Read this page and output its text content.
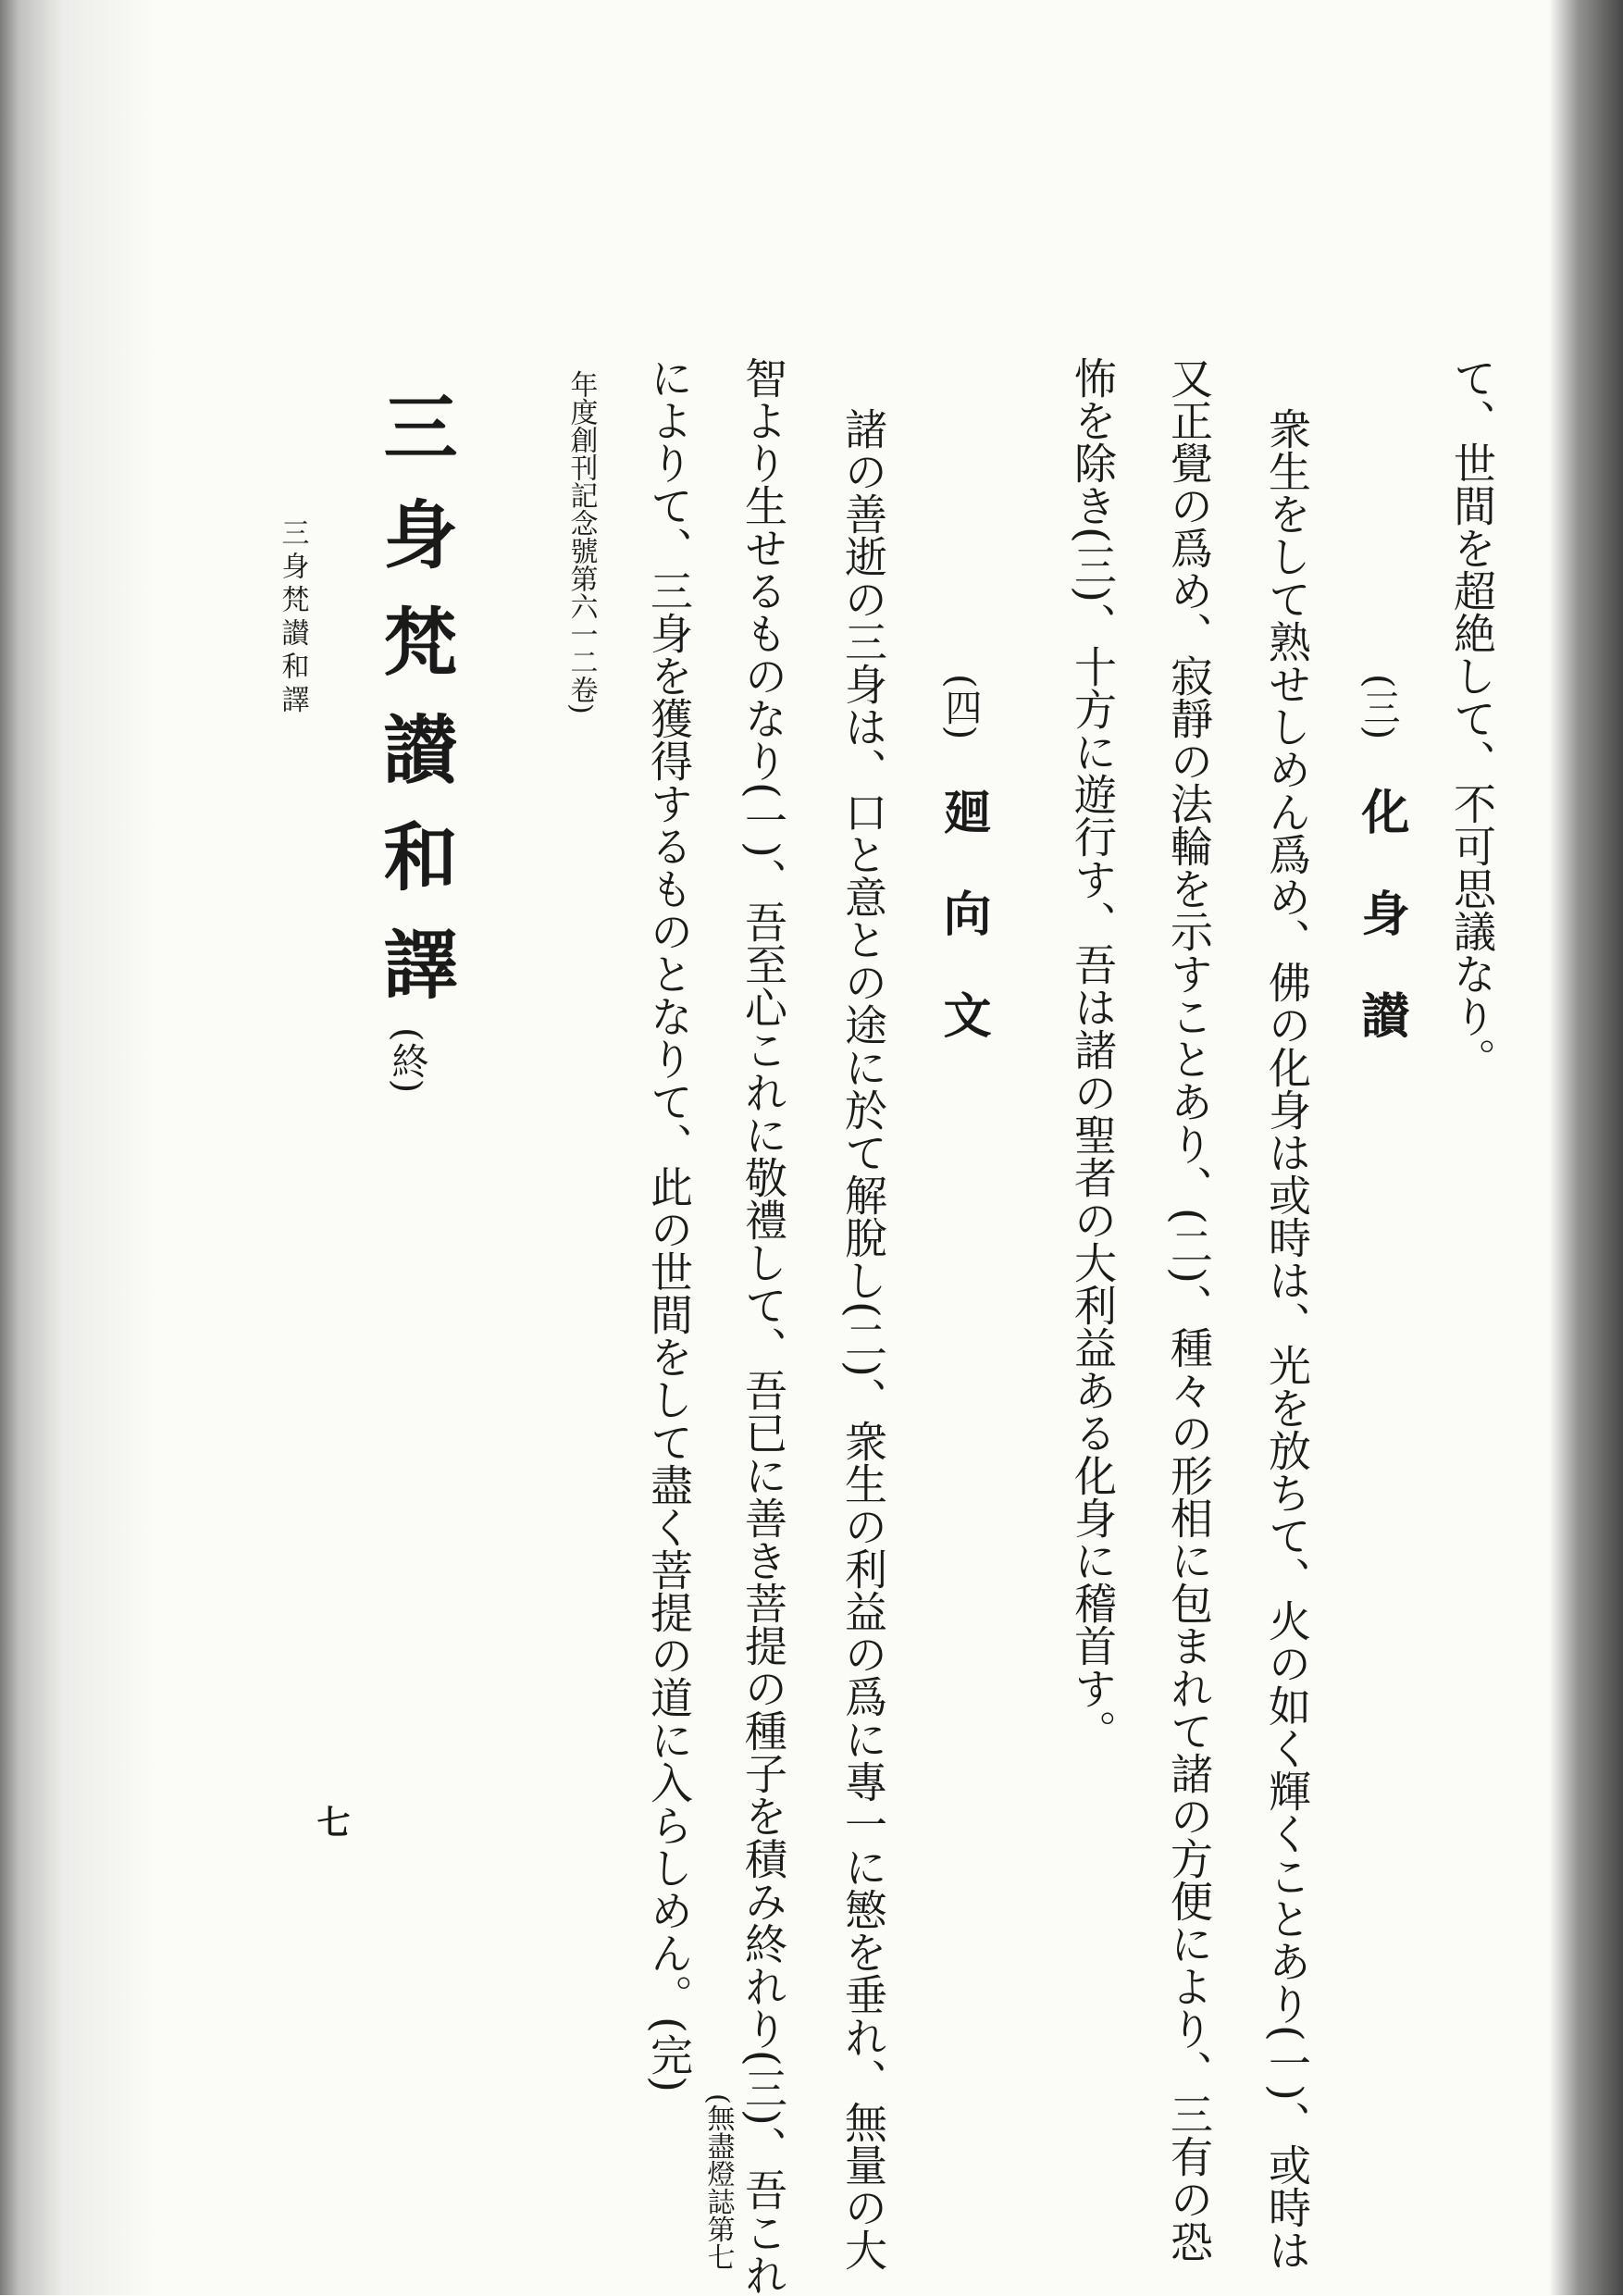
て、世間を超絶して、不可思議なり。
(三)
化身讃
衆生をして熟せしめん爲め、佛の化身は或時は、光を放ちて、火の如く輝くことあり(一)、或時は
又正覺の爲め、寂靜の法輪を示すことあり、(二)、種々の形相に包まれて諸の方便により、三有の恐
怖を除き(三)、十方に遊行す、吾は諸の聖者の大利益ある化身に稽首す。
(四)
廻向文
諸の善逝の三身は、口と意との途に於て解脫し(二)、衆生の利益の爲に專一に慜を垂れ、無量の大
智より生せるものなり(一)、吾至心これに敬禮して、吾已に善き菩提の種子を積み終れり(三)、吾これ
によりて、三身を獲得するものとなりて、此の世間をして盡く菩提の道に入らしめん。(完)
(無盡燈誌第七
年度創刊記念號第六一二卷)
三身梵讃和譯
(終)
三身梵讃和譯
七
